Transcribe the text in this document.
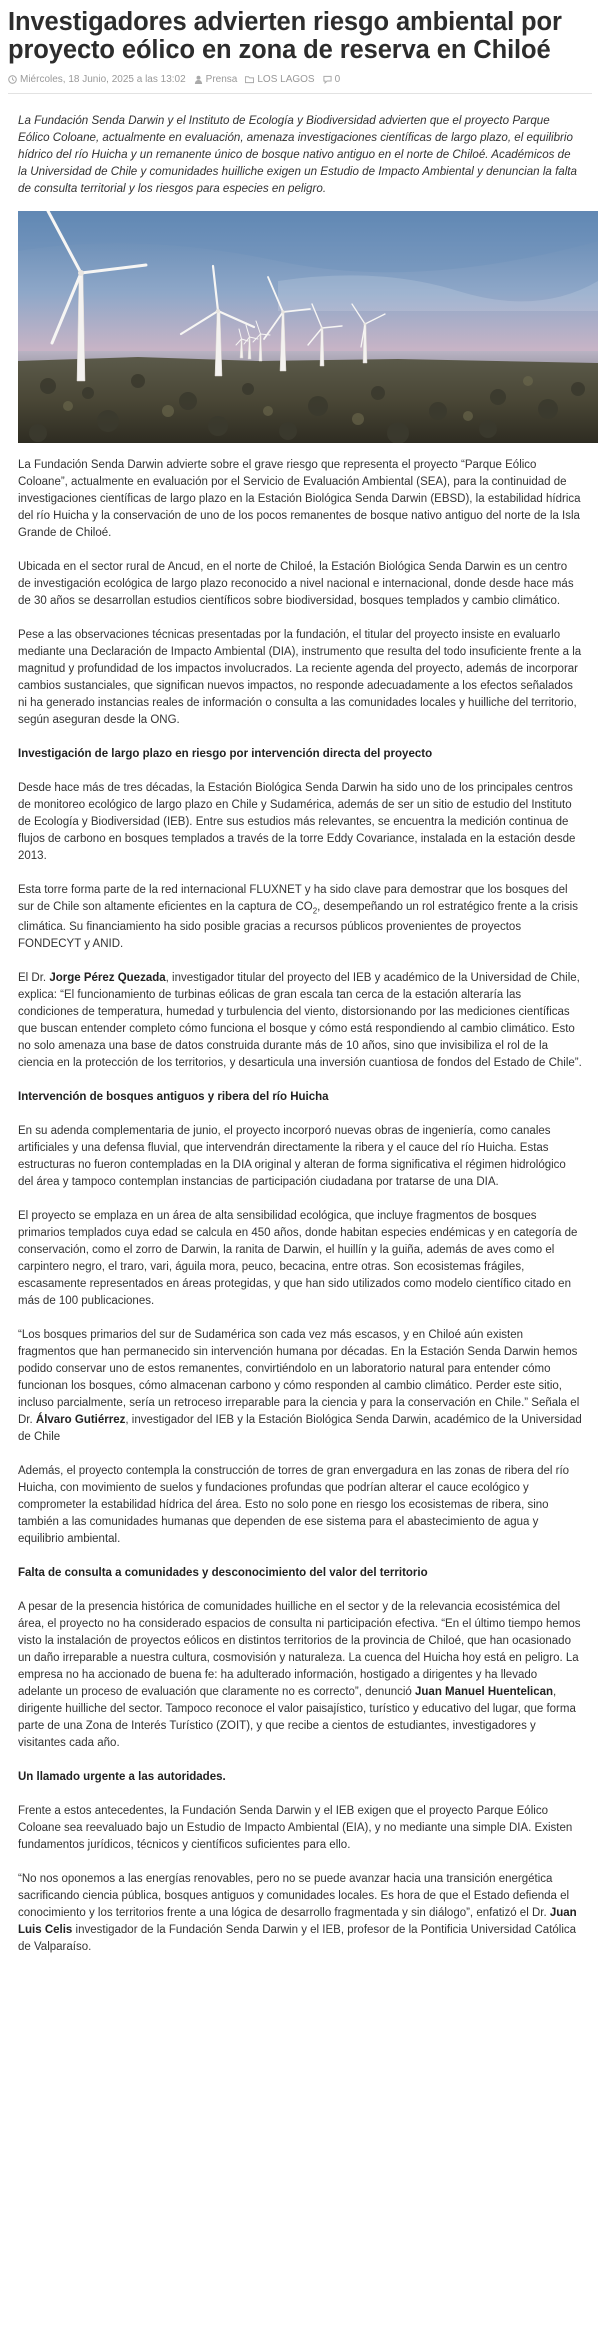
Investigadores advierten riesgo ambiental por proyecto eólico en zona de reserva en Chiloé
Miércoles, 18 Junio, 2025 a las 13:02 Prensa LOS LAGOS 0

La Fundación Senda Darwin y el Instituto de Ecología y Biodiversidad advierten que el proyecto Parque Eólico Coloane, actualmente en evaluación, amenaza investigaciones científicas de largo plazo, el equilibrio hídrico del río Huicha y un remanente único de bosque nativo antiguo en el norte de Chiloé. Académicos de la Universidad de Chile y comunidades huilliche exigen un Estudio de Impacto Ambiental y denuncian la falta de consulta territorial y los riesgos para especies en peligro.

La Fundación Senda Darwin advierte sobre el grave riesgo que representa el proyecto “Parque Eólico Coloane”, actualmente en evaluación por el Servicio de Evaluación Ambiental (SEA), para la continuidad de investigaciones científicas de largo plazo en la Estación Biológica Senda Darwin (EBSD), la estabilidad hídrica del río Huicha y la conservación de uno de los pocos remanentes de bosque nativo antiguo del norte de la Isla Grande de Chiloé.

Ubicada en el sector rural de Ancud, en el norte de Chiloé, la Estación Biológica Senda Darwin es un centro de investigación ecológica de largo plazo reconocido a nivel nacional e internacional, donde desde hace más de 30 años se desarrollan estudios científicos sobre biodiversidad, bosques templados y cambio climático.

Pese a las observaciones técnicas presentadas por la fundación, el titular del proyecto insiste en evaluarlo mediante una Declaración de Impacto Ambiental (DIA), instrumento que resulta del todo insuficiente frente a la magnitud y profundidad de los impactos involucrados. La reciente agenda del proyecto, además de incorporar cambios sustanciales, que significan nuevos impactos, no responde adecuadamente a los efectos señalados ni ha generado instancias reales de información o consulta a las comunidades locales y huilliche del territorio, según aseguran desde la ONG.

Investigación de largo plazo en riesgo por intervención directa del proyecto

Desde hace más de tres décadas, la Estación Biológica Senda Darwin ha sido uno de los principales centros de monitoreo ecológico de largo plazo en Chile y Sudamérica, además de ser un sitio de estudio del Instituto de Ecología y Biodiversidad (IEB). Entre sus estudios más relevantes, se encuentra la medición continua de flujos de carbono en bosques templados a través de la torre Eddy Covariance, instalada en la estación desde 2013.

Esta torre forma parte de la red internacional FLUXNET y ha sido clave para demostrar que los bosques del sur de Chile son altamente eficientes en la captura de $CO_2$, desempeñando un rol estratégico frente a la crisis climática. Su financiamiento ha sido posible gracias a recursos públicos provenientes de proyectos FONDECYT y ANID.

El Dr. Jorge Pérez Quezada, investigador titular del proyecto del IEB y académico de la Universidad de Chile, explica: “El funcionamiento de turbinas eólicas de gran escala tan cerca de la estación alteraría las condiciones de temperatura, humedad y turbulencia del viento, distorsionando por las mediciones científicas que buscan entender completo cómo funciona el bosque y cómo está respondiendo al cambio climático. Esto no solo amenaza una base de datos construida durante más de 10 años, sino que invisibiliza el rol de la ciencia en la protección de los territorios, y desarticula una inversión cuantiosa de fondos del Estado de Chile”.

Intervención de bosques antiguos y ribera del río Huicha

En su adenda complementaria de junio, el proyecto incorporó nuevas obras de ingeniería, como canales artificiales y una defensa fluvial, que intervendrán directamente la ribera y el cauce del río Huicha. Estas estructuras no fueron contempladas en la DIA original y alteran de forma significativa el régimen hidrológico del área y tampoco contemplan instancias de participación ciudadana por tratarse de una DIA.

El proyecto se emplaza en un área de alta sensibilidad ecológica, que incluye fragmentos de bosques primarios templados cuya edad se calcula en 450 años, donde habitan especies endémicas y en categoría de conservación, como el zorro de Darwin, la ranita de Darwin, el huillín y la guiña, además de aves como el carpintero negro, el traro, vari, águila mora, peuco, becacina, entre otras. Son ecosistemas frágiles, escasamente representados en áreas protegidas, y que han sido utilizados como modelo científico citado en más de 100 publicaciones.

“Los bosques primarios del sur de Sudamérica son cada vez más escasos, y en Chiloé aún existen fragmentos que han permanecido sin intervención humana por décadas. En la Estación Senda Darwin hemos podido conservar uno de estos remanentes, convirtiéndolo en un laboratorio natural para entender cómo funcionan los bosques, cómo almacenan carbono y cómo responden al cambio climático. Perder este sitio, incluso parcialmente, sería un retroceso irreparable para la ciencia y para la conservación en Chile.” Señala el Dr. Álvaro Gutiérrez, investigador del IEB y la Estación Biológica Senda Darwin, académico de la Universidad de Chile

Además, el proyecto contempla la construcción de torres de gran envergadura en las zonas de ribera del río Huicha, con movimiento de suelos y fundaciones profundas que podrían alterar el cauce ecológico y comprometer la estabilidad hídrica del área. Esto no solo pone en riesgo los ecosistemas de ribera, sino también a las comunidades humanas que dependen de ese sistema para el abastecimiento de agua y equilibrio ambiental.

Falta de consulta a comunidades y desconocimiento del valor del territorio

A pesar de la presencia histórica de comunidades huilliche en el sector y de la relevancia ecosistémica del área, el proyecto no ha considerado espacios de consulta ni participación efectiva. “En el último tiempo hemos visto la instalación de proyectos eólicos en distintos territorios de la provincia de Chiloé, que han ocasionado un daño irreparable a nuestra cultura, cosmovisión y naturaleza. La cuenca del Huicha hoy está en peligro. La empresa no ha accionado de buena fe: ha adulterado información, hostigado a dirigentes y ha llevado adelante un proceso de evaluación que claramente no es correcto”, denunció Juan Manuel Huentelican, dirigente huilliche del sector. Tampoco reconoce el valor paisajístico, turístico y educativo del lugar, que forma parte de una Zona de Interés Turístico (ZOIT), y que recibe a cientos de estudiantes, investigadores y visitantes cada año.

Un llamado urgente a las autoridades.

Frente a estos antecedentes, la Fundación Senda Darwin y el IEB exigen que el proyecto Parque Eólico Coloane sea reevaluado bajo un Estudio de Impacto Ambiental (EIA), y no mediante una simple DIA. Existen fundamentos jurídicos, técnicos y científicos suficientes para ello.

“No nos oponemos a las energías renovables, pero no se puede avanzar hacia una transición energética sacrificando ciencia pública, bosques antiguos y comunidades locales. Es hora de que el Estado defienda el conocimiento y los territorios frente a una lógica de desarrollo fragmentada y sin diálogo”, enfatizó el Dr. Juan Luis Celis investigador de la Fundación Senda Darwin y el IEB, profesor de la Pontificia Universidad Católica de Valparaíso.
